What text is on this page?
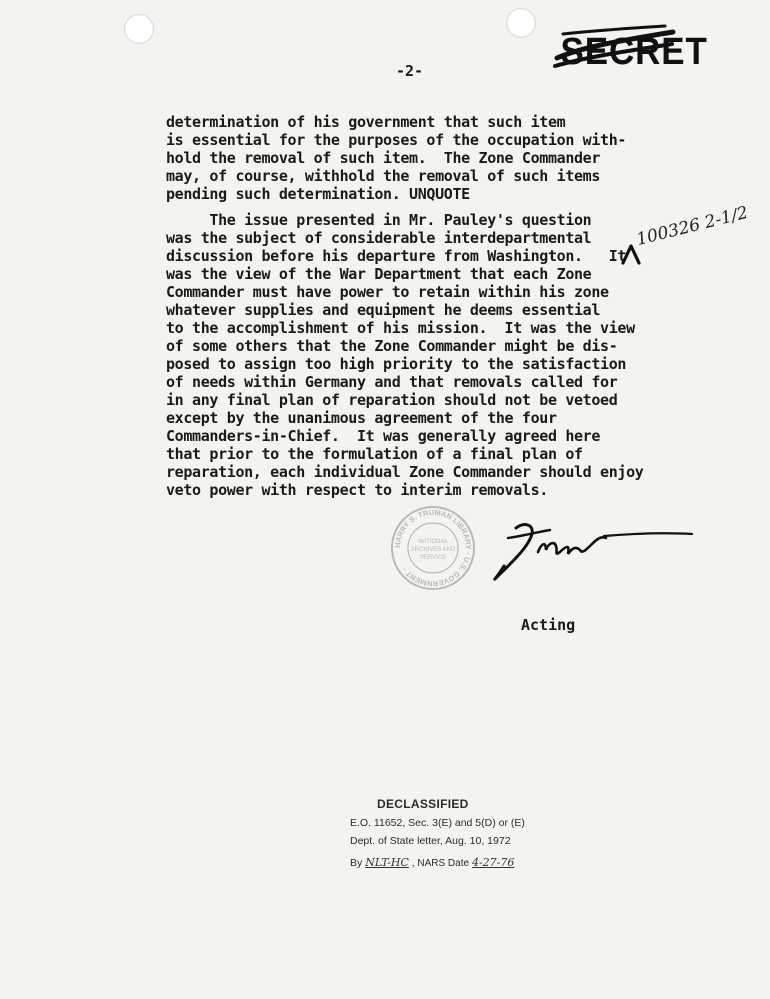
SECRET
-2-
determination of his government that such item
is essential for the purposes of the occupation with-
hold the removal of such item.  The Zone Commander
may, of course, withhold the removal of such items
pending such determination. UNQUOTE
100326 2-1/2
The issue presented in Mr. Pauley's question
was the subject of considerable interdepartmental
discussion before his departure from Washington.   It
was the view of the War Department that each Zone
Commander must have power to retain within his zone
whatever supplies and equipment he deems essential
to the accomplishment of his mission.  It was the view
of some others that the Zone Commander might be dis-
posed to assign too high priority to the satisfaction
of needs within Germany and that removals called for
in any final plan of reparation should not be vetoed
except by the unanimous agreement of the four
Commanders-in-Chief.  It was generally agreed here
that prior to the formulation of a final plan of
reparation, each individual Zone Commander should enjoy
veto power with respect to interim removals.
HARRY S. TRUMAN LIBRARY · U.S. GOVERNMENT ·
NATIONAL
ARCHIVES AND
SERVICE
Acting
DECLASSIFIED
E.O. 11652, Sec. 3(E) and 5(D) or (E)
Dept. of State letter, Aug. 10, 1972
By NLT-HC , NARS Date 4-27-76
